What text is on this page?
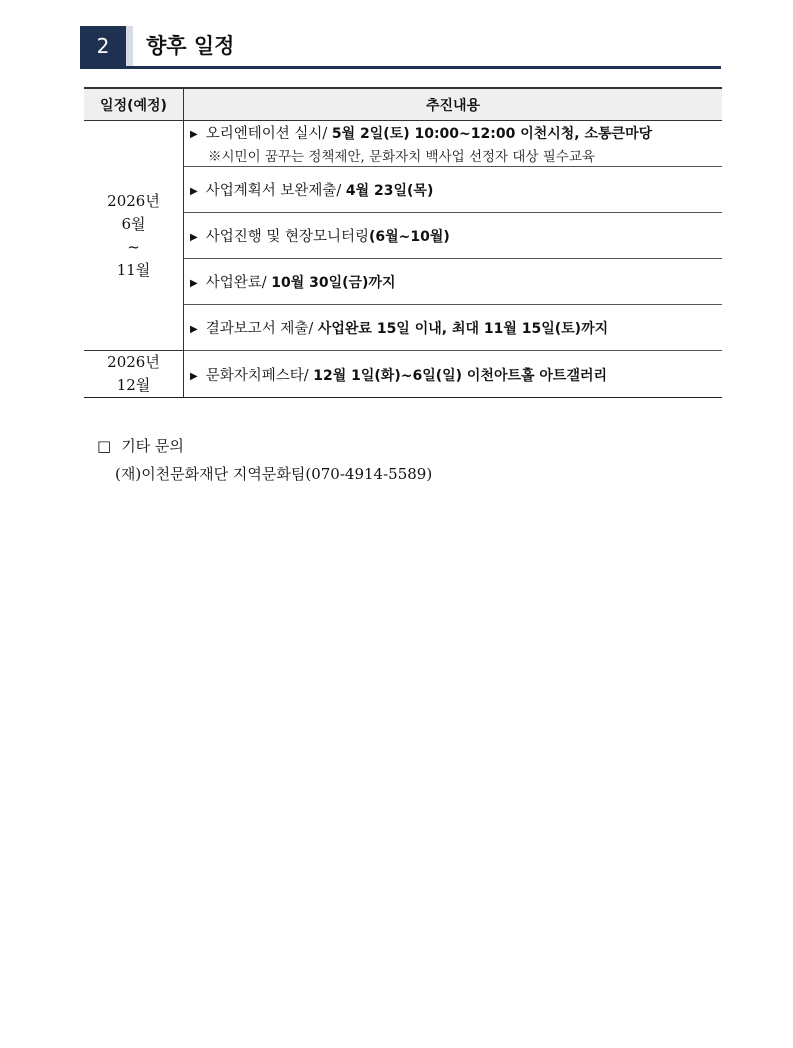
2	향후 일정
일정(예정)	추진내용

2026년
6월
~
11월	▶ 오리엔테이션 실시/ 5월 2일(토) 10:00~12:00 이천시청, 소통큰마당
※시민이 꿈꾸는 정책제안, 문화자치 백사업 선정자 대상 필수교육

	▶ 사업계획서 보완제출/ 4월 23일(목)

	▶ 사업진행 및 현장모니터링(6월~10월)

	▶ 사업완료/ 10월 30일(금)까지

	▶ 결과보고서 제출/ 사업완료 15일 이내, 최대 11월 15일(토)까지

2026년
12월	▶ 문화자치페스타/ 12월 1일(화)~6일(일) 이천아트홀 아트갤러리
□ 기타 문의
(재)이천문화재단 지역문화팀(070-4914-5589)
